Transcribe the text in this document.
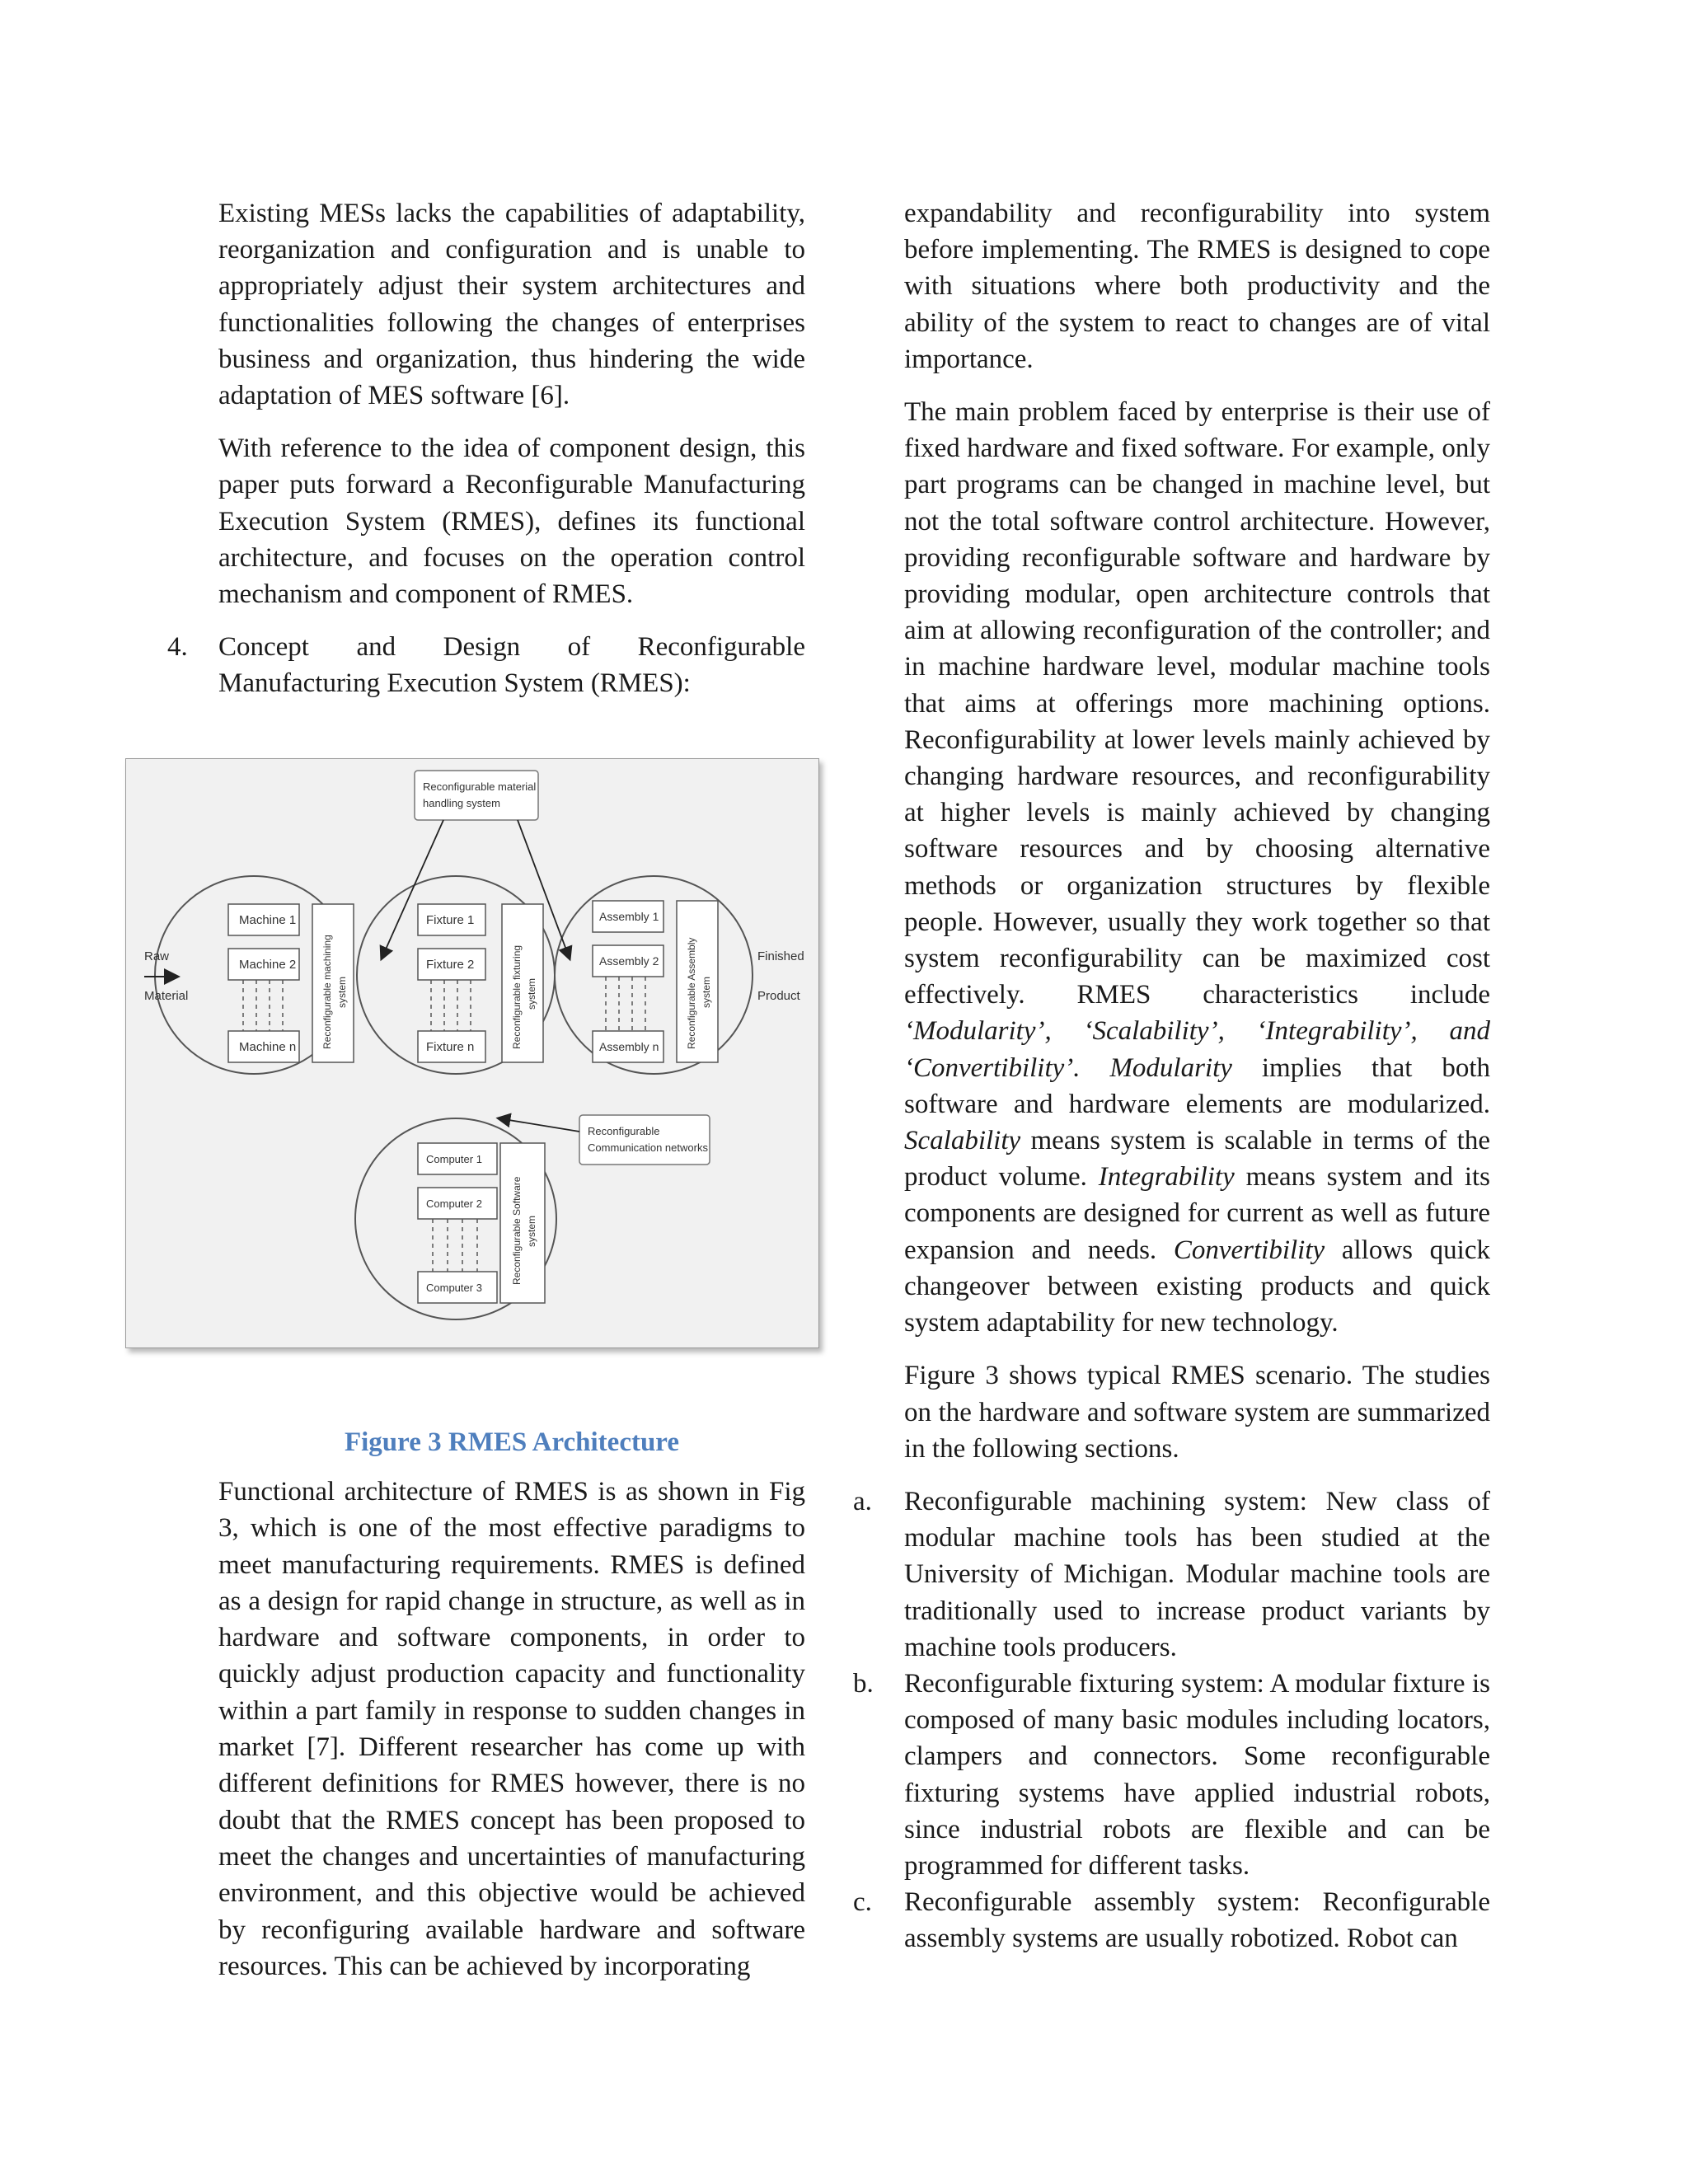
Existing MESs lacks the capabilities of adaptability, reorganization and configuration and is unable to appropriately adjust their system architectures and functionalities following the changes of enterprises business and organization, thus hindering the wide adaptation of MES software [6].

With reference to the idea of component design, this paper puts forward a Reconfigurable Manufacturing Execution System (RMES), defines its functional architecture, and focuses on the operation control mechanism and component of RMES.

4. Concept and Design of Reconfigurable
Manufacturing Execution System (RMES):
Reconfigurable material
handling system
Raw
Material
Finished
Product
Machine 1
Machine 2
Machine n	Reconfigurable machining system
Fixture 1
Fixture 2
Fixture n	Reconfigurable fixturing system
Assembly 1
Assembly 2
Assembly n	Reconfigurable Assembly system
Reconfigurable
Communication networks
Computer 1
Computer 2
Computer 3
Reconfigurable Software system
Figure 3 RMES Architecture

Functional architecture of RMES is as shown in Fig 3, which is one of the most effective paradigms to meet manufacturing requirements. RMES is defined as a design for rapid change in structure, as well as in hardware and software components, in order to quickly adjust production capacity and functionality within a part family in response to sudden changes in market [7]. Different researcher has come up with different definitions for RMES however, there is no doubt that the RMES concept has been proposed to meet the changes and uncertainties of manufacturing environment, and this objective would be achieved by reconfiguring available hardware and software resources. This can be achieved by incorporating

expandability and reconfigurability into system before implementing. The RMES is designed to cope with situations where both productivity and the ability of the system to react to changes are of vital importance.

The main problem faced by enterprise is their use of fixed hardware and fixed software. For example, only part programs can be changed in machine level, but not the total software control architecture. However, providing reconfigurable software and hardware by providing modular, open architecture controls that aim at allowing reconfiguration of the controller; and in machine hardware level, modular machine tools that aims at offerings more machining options. Reconfigurability at lower levels mainly achieved by changing hardware resources, and reconfigurability at higher levels is mainly achieved by changing software resources and by choosing alternative methods or organization structures by flexible people. However, usually they work together so that system reconfigurability can be maximized cost effectively. RMES characteristics include ‘Modularity’, ‘Scalability’, ‘Integrability’, and ‘Convertibility’. Modularity implies that both software and hardware elements are modularized. Scalability means system is scalable in terms of the product volume. Integrability means system and its components are designed for current as well as future expansion and needs. Convertibility allows quick changeover between existing products and quick system adaptability for new technology.

Figure 3 shows typical RMES scenario. The studies on the hardware and software system are summarized in the following sections.

a. Reconfigurable machining system: New class of modular machine tools has been studied at the University of Michigan. Modular machine tools are traditionally used to increase product variants by machine tools producers.
b. Reconfigurable fixturing system: A modular fixture is composed of many basic modules including locators, clampers and connectors. Some reconfigurable fixturing systems have applied industrial robots, since industrial robots are flexible and can be programmed for different tasks.
c. Reconfigurable assembly system: Reconfigurable assembly systems are usually robotized. Robot can
